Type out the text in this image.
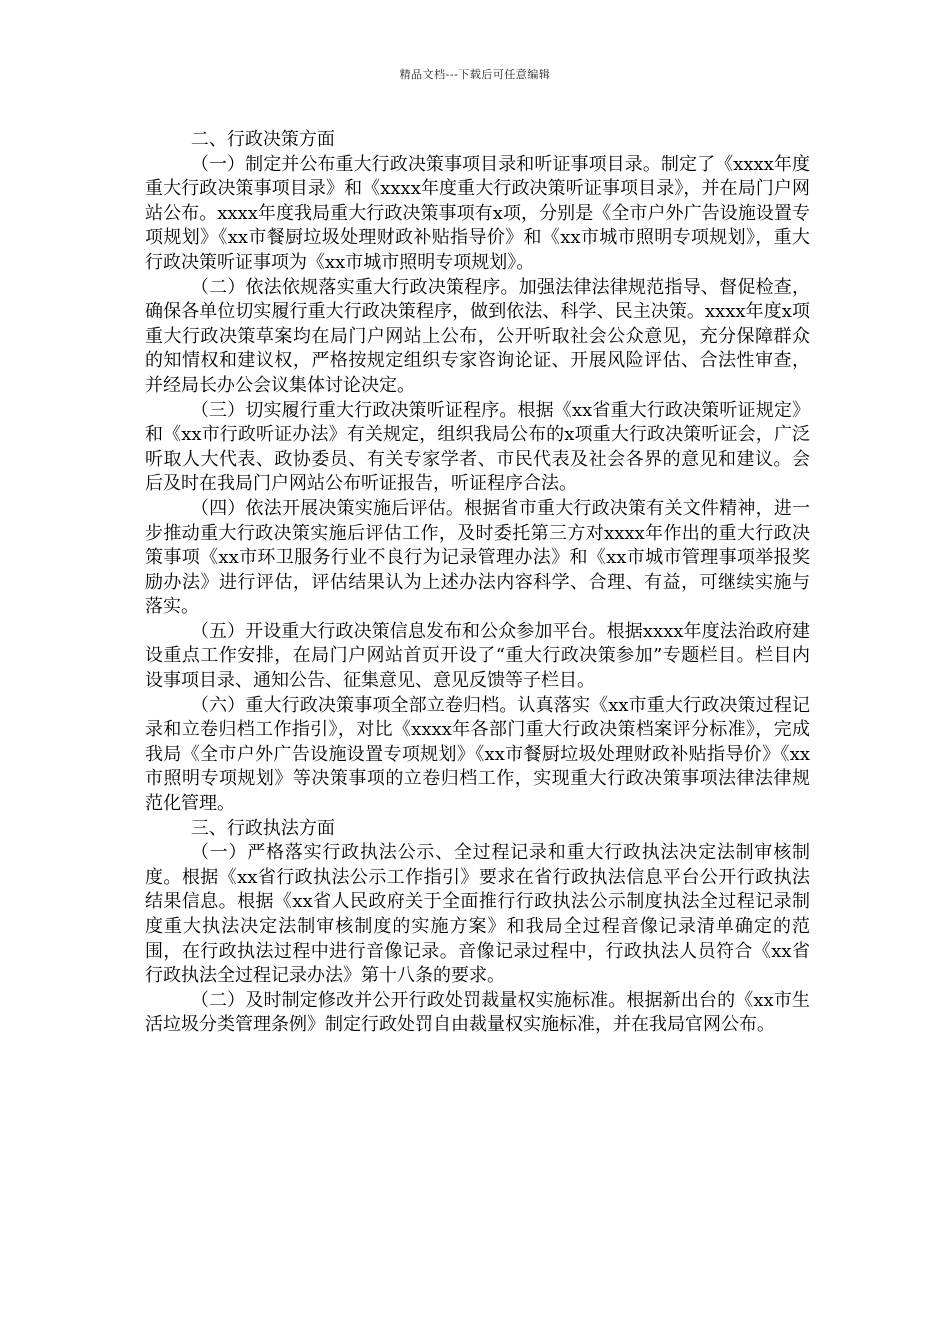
精品文档---下载后可任意编辑

二、行政决策方面

（一）制定并公布重大行政决策事项目录和听证事项目录。制定了《xxxx年度重大行政决策事项目录》和《xxxx年度重大行政决策听证事项目录》，并在局门户网站公布。xxxx年度我局重大行政决策事项有x项，分别是《全市户外广告设施设置专项规划》《xx市餐厨垃圾处理财政补贴指导价》和《xx市城市照明专项规划》，重大行政决策听证事项为《xx市城市照明专项规划》。

（二）依法依规落实重大行政决策程序。加强法律法律规范指导、督促检查，确保各单位切实履行重大行政决策程序，做到依法、科学、民主决策。xxxx年度x项重大行政决策草案均在局门户网站上公布，公开听取社会公众意见，充分保障群众的知情权和建议权，严格按规定组织专家咨询论证、开展风险评估、合法性审查，并经局长办公会议集体讨论决定。

（三）切实履行重大行政决策听证程序。根据《xx省重大行政决策听证规定》和《xx市行政听证办法》有关规定，组织我局公布的x项重大行政决策听证会，广泛听取人大代表、政协委员、有关专家学者、市民代表及社会各界的意见和建议。会后及时在我局门户网站公布听证报告，听证程序合法。

（四）依法开展决策实施后评估。根据省市重大行政决策有关文件精神，进一步推动重大行政决策实施后评估工作，及时委托第三方对xxxx年作出的重大行政决策事项《xx市环卫服务行业不良行为记录管理办法》和《xx市城市管理事项举报奖励办法》进行评估，评估结果认为上述办法内容科学、合理、有益，可继续实施与落实。

（五）开设重大行政决策信息发布和公众参加平台。根据xxxx年度法治政府建设重点工作安排，在局门户网站首页开设了“重大行政决策参加”专题栏目。栏目内设事项目录、通知公告、征集意见、意见反馈等子栏目。

（六）重大行政决策事项全部立卷归档。认真落实《xx市重大行政决策过程记录和立卷归档工作指引》，对比《xxxx年各部门重大行政决策档案评分标准》，完成我局《全市户外广告设施设置专项规划》《xx市餐厨垃圾处理财政补贴指导价》《xx市照明专项规划》等决策事项的立卷归档工作，实现重大行政决策事项法律法律规范化管理。

三、行政执法方面

（一）严格落实行政执法公示、全过程记录和重大行政执法决定法制审核制度。根据《xx省行政执法公示工作指引》要求在省行政执法信息平台公开行政执法结果信息。根据《xx省人民政府关于全面推行行政执法公示制度执法全过程记录制度重大执法决定法制审核制度的实施方案》和我局全过程音像记录清单确定的范围，在行政执法过程中进行音像记录。音像记录过程中，行政执法人员符合《xx省行政执法全过程记录办法》第十八条的要求。

（二）及时制定修改并公开行政处罚裁量权实施标准。根据新出台的《xx市生活垃圾分类管理条例》制定行政处罚自由裁量权实施标准，并在我局官网公布。
